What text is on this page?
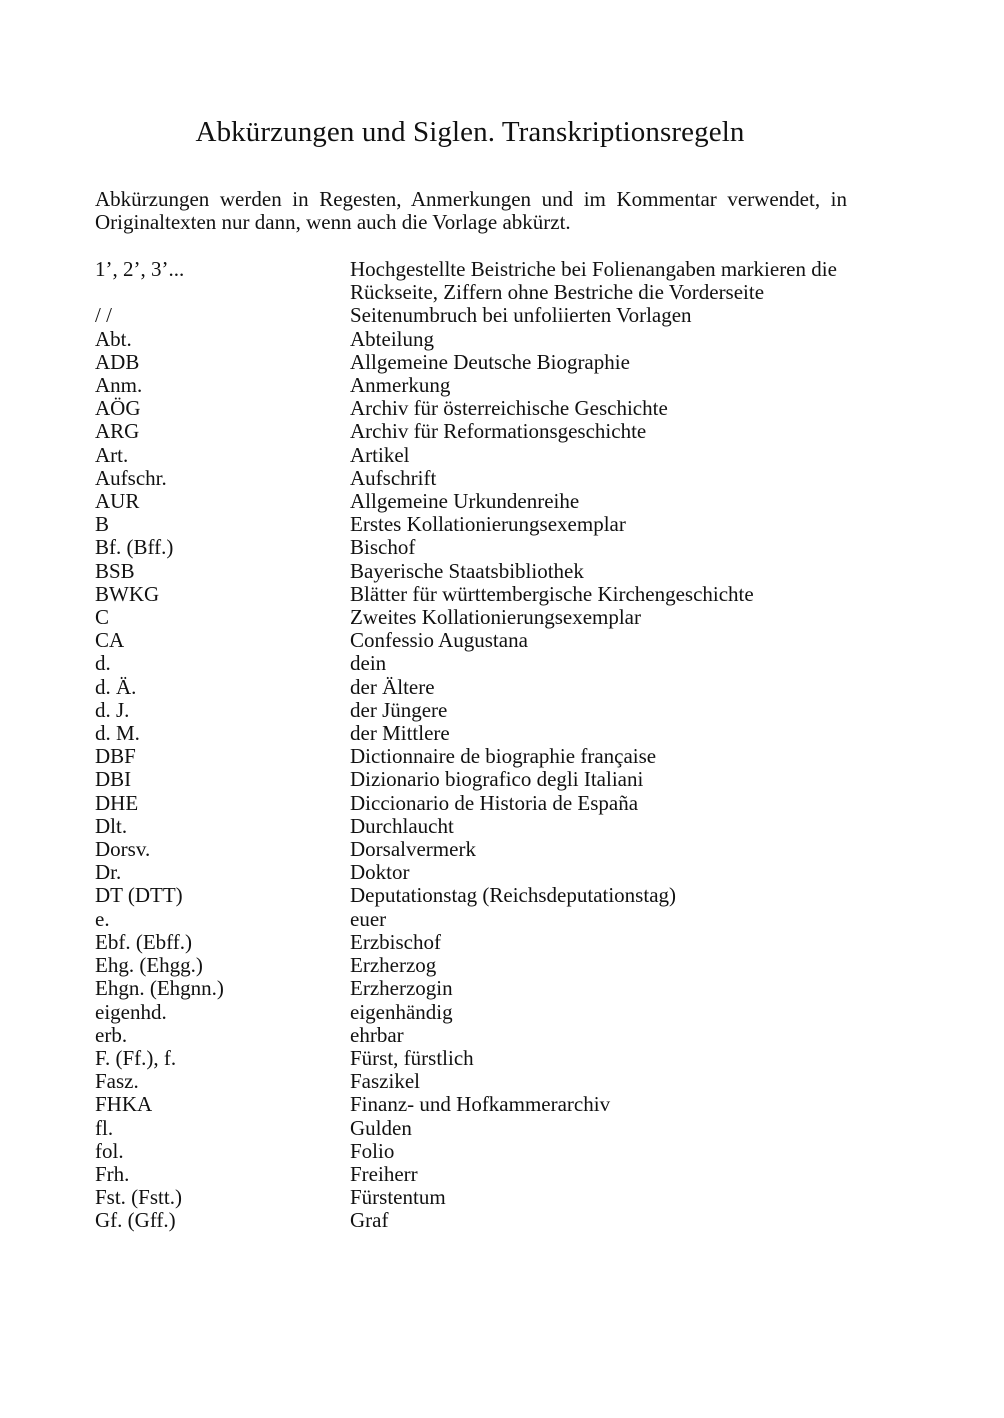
Abkürzungen und Siglen. Transkriptionsregeln

Abkürzungen werden in Regesten, Anmerkungen und im Kommentar verwendet, in Originaltexten nur dann, wenn auch die Vorlage abkürzt.

1’, 2’, 3’...	Hochgestellte Beistriche bei Folienangaben markieren die Rückseite, Ziffern ohne Bestriche die Vorderseite
/ /	Seitenumbruch bei unfoliierten Vorlagen
Abt.	Abteilung
ADB	Allgemeine Deutsche Biographie
Anm.	Anmerkung
AÖG	Archiv für österreichische Geschichte
ARG	Archiv für Reformationsgeschichte
Art.	Artikel
Aufschr.	Aufschrift
AUR	Allgemeine Urkundenreihe
B	Erstes Kollationierungsexemplar
Bf. (Bff.)	Bischof
BSB	Bayerische Staatsbibliothek
BWKG	Blätter für württembergische Kirchengeschichte
C	Zweites Kollationierungsexemplar
CA	Confessio Augustana
d.	dein
d. Ä.	der Ältere
d. J.	der Jüngere
d. M.	der Mittlere
DBF	Dictionnaire de biographie française
DBI	Dizionario biografico degli Italiani
DHE	Diccionario de Historia de España
Dlt.	Durchlaucht
Dorsv.	Dorsalvermerk
Dr.	Doktor
DT (DTT)	Deputationstag (Reichsdeputationstag)
e.	euer
Ebf. (Ebff.)	Erzbischof
Ehg. (Ehgg.)	Erzherzog
Ehgn. (Ehgnn.)	Erzherzogin
eigenhd.	eigenhändig
erb.	ehrbar
F. (Ff.), f.	Fürst, fürstlich
Fasz.	Faszikel
FHKA	Finanz- und Hofkammerarchiv
fl.	Gulden
fol.	Folio
Frh.	Freiherr
Fst. (Fstt.)	Fürstentum
Gf. (Gff.)	Graf
